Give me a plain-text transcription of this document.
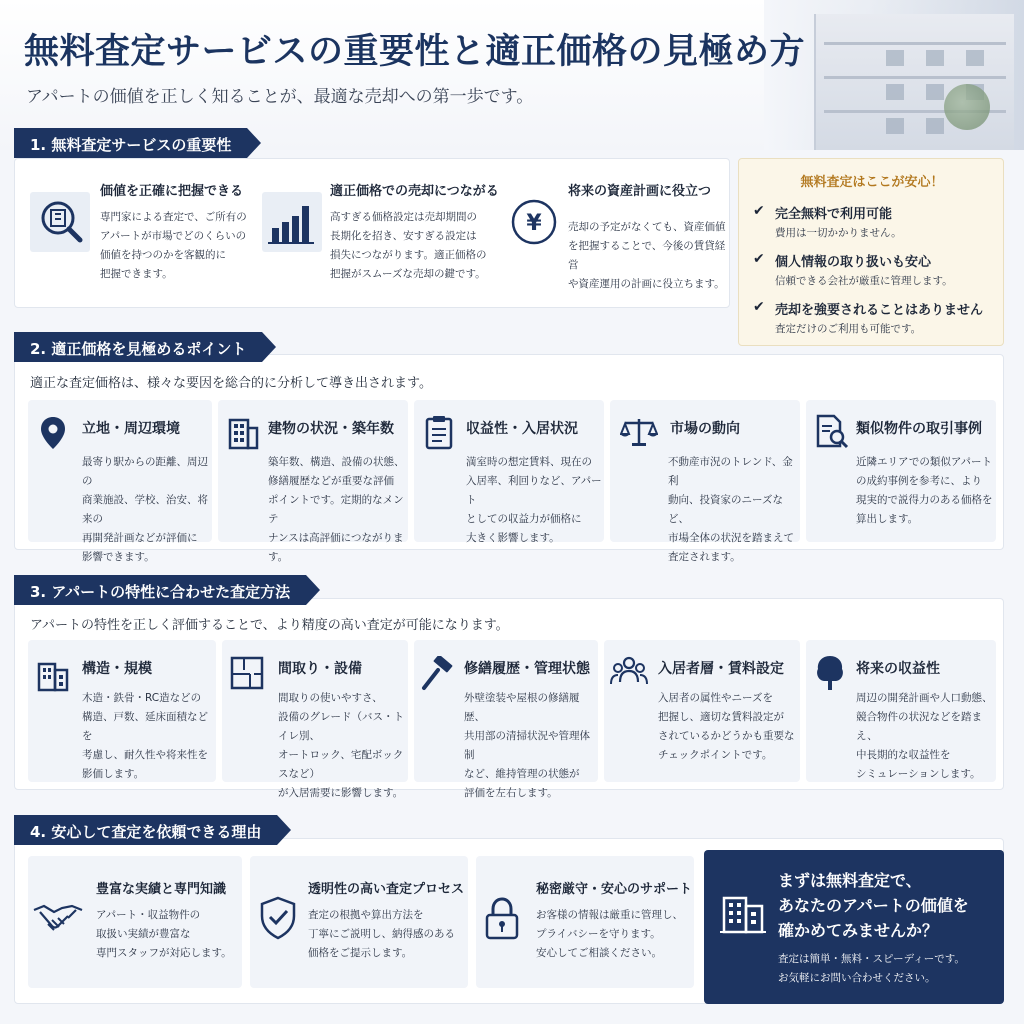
無料査定サービスの重要性と適正価格の見極め方
アパートの価値を正しく知ることが、最適な売却への第一歩です。
1. 無料査定サービスの重要性
価値を正確に把握できる
専門家による査定で、ご所有の
アパートが市場でどのくらいの
価値を持つのかを客観的に
把握できます。
適正価格での売却につながる
高すぎる価格設定は売却期間の
長期化を招き、安すぎる設定は
損失につながります。適正価格の
把握がスムーズな売却の鍵です。
¥
将来の資産計画に役立つ
売却の予定がなくても、資産価値
を把握することで、今後の賃貸経営
や資産運用の計画に役立ちます。
無料査定はここが安心！
✔ 完全無料で利用可能
費用は一切かかりません。
✔ 個人情報の取り扱いも安心
信頼できる会社が厳重に管理します。
✔ 売却を強要されることはありません
査定だけのご利用も可能です。
2. 適正価格を見極めるポイント
適正な査定価格は、様々な要因を総合的に分析して導き出されます。
立地・周辺環境
最寄り駅からの距離、周辺の
商業施設、学校、治安、将来の
再開発計画などが評価に
影響できます。
建物の状況・築年数
築年数、構造、設備の状態、
修繕履歴などが重要な評価
ポイントです。定期的なメンテ
ナンスは高評価につながります。
収益性・入居状況
満室時の想定賃料、現在の
入居率、利回りなど、アパート
としての収益力が価格に
大きく影響します。
市場の動向
不動産市況のトレンド、金利
動向、投資家のニーズなど、
市場全体の状況を踏まえて
査定されます。
類似物件の取引事例
近隣エリアでの類似アパート
の成約事例を参考に、より
現実的で説得力のある価格を
算出します。
3. アパートの特性に合わせた査定方法
アパートの特性を正しく評価することで、より精度の高い査定が可能になります。
構造・規模
木造・鉄骨・RC造などの
構造、戸数、延床面積などを
考慮し、耐久性や将来性を
影価します。
間取り・設備
間取りの使いやすさ、
設備のグレード（バス・トイレ別、
オートロック、宅配ボックスなど）
が入居需要に影響します。
修繕履歴・管理状態
外壁塗装や屋根の修繕履歴、
共用部の清掃状況や管理体制
など、維持管理の状態が
評価を左右します。
入居者層・賃料設定
入居者の属性やニーズを
把握し、適切な賃料設定が
されているかどうかも重要な
チェックポイントです。
将来の収益性
周辺の開発計画や人口動態、
競合物件の状況などを踏まえ、
中長期的な収益性を
シミュレーションします。
4. 安心して査定を依頼できる理由
豊富な実績と専門知識
アパート・収益物件の
取扱い実績が豊富な
専門スタッフが対応します。
透明性の高い査定プロセス
査定の根拠や算出方法を
丁寧にご説明し、納得感のある
価格をご提示します。
秘密厳守・安心のサポート
お客様の情報は厳重に管理し、
プライバシーを守ります。
安心してご相談ください。
まずは無料査定で、
あなたのアパートの価値を
確かめてみませんか？
査定は簡単・無料・スピーディーです。
お気軽にお問い合わせください。
